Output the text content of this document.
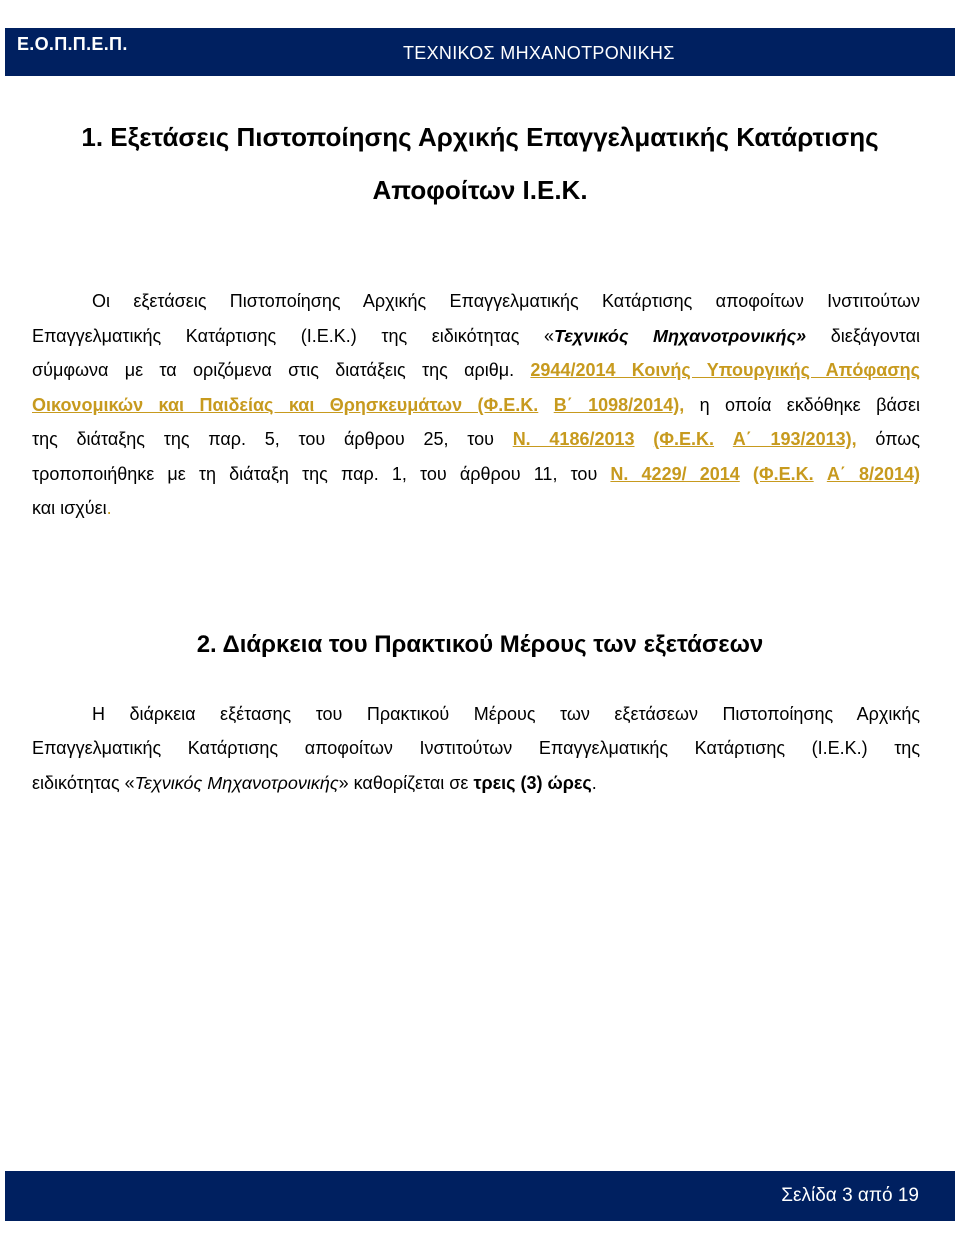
Ε.Ο.Π.Π.Ε.Π.	ΤΕΧΝΙΚΟΣ ΜΗΧΑΝΟΤΡΟΝΙΚΗΣ
1. Εξετάσεις Πιστοποίησης Αρχικής Επαγγελματικής Κατάρτισης
Αποφοίτων Ι.Ε.Κ.
Οι εξετάσεις Πιστοποίησης Αρχικής Επαγγελματικής Κατάρτισης αποφοίτων Ινστιτούτων
Επαγγελματικής Κατάρτισης (Ι.Ε.Κ.) της ειδικότητας «Τεχνικός Μηχανοτρονικής» διεξάγονται
σύμφωνα με τα οριζόμενα στις διατάξεις της αριθμ. 2944/2014 Κοινής Υπουργικής Απόφασης
Οικονομικών και Παιδείας και Θρησκευμάτων (Φ.Ε.Κ. Β΄ 1098/2014), η οποία εκδόθηκε βάσει
της διάταξης της παρ. 5, του άρθρου 25, του Ν. 4186/2013 (Φ.Ε.Κ. Α΄ 193/2013), όπως
τροποποιήθηκε με τη διάταξη της παρ. 1, του άρθρου 11, του Ν. 4229/ 2014 (Φ.Ε.Κ. Α΄ 8/2014)
και ισχύει.
2. Διάρκεια του Πρακτικού Μέρους των εξετάσεων
Η διάρκεια εξέτασης του Πρακτικού Μέρους των εξετάσεων Πιστοποίησης Αρχικής
Επαγγελματικής Κατάρτισης αποφοίτων Ινστιτούτων Επαγγελματικής Κατάρτισης (Ι.Ε.Κ.) της
ειδικότητας «Τεχνικός Μηχανοτρονικής» καθορίζεται σε τρεις (3) ώρες.
Σελίδα 3 από 19
